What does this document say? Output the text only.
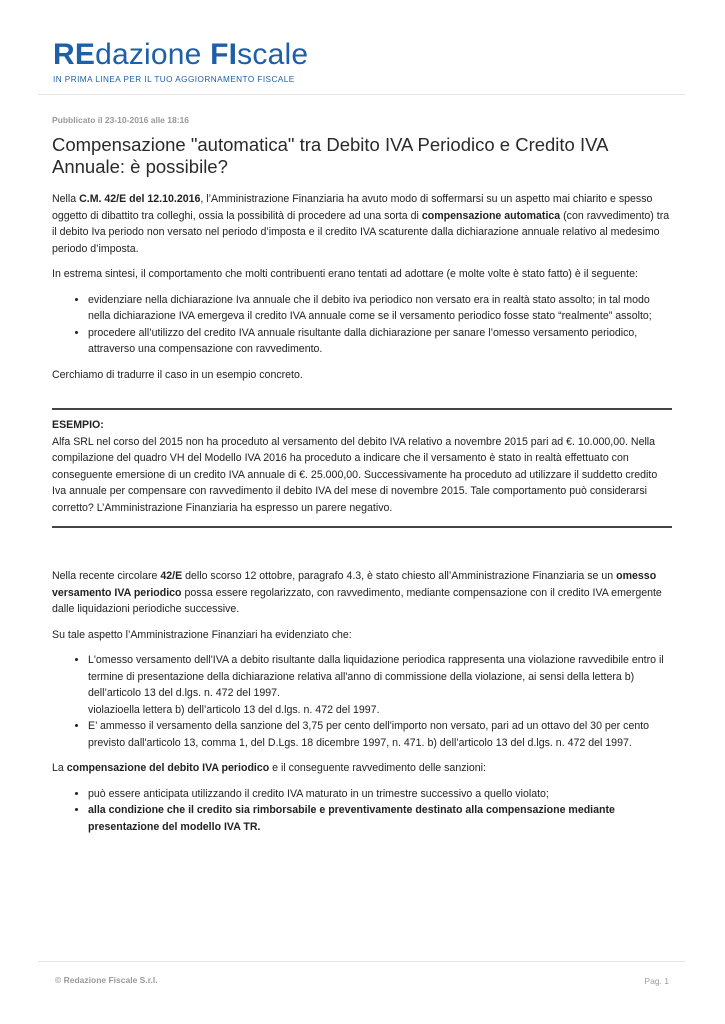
REdazione FIscale
IN PRIMA LINEA PER IL TUO AGGIORNAMENTO FISCALE
Pubblicato il 23-10-2016 alle 18:16
Compensazione "automatica" tra Debito IVA Periodico e Credito IVA Annuale: è possibile?

Nella C.M. 42/E del 12.10.2016, l’Amministrazione Finanziaria ha avuto modo di soffermarsi su un aspetto mai chiarito e spesso oggetto di dibattito tra colleghi, ossia la possibilità di procedere ad una sorta di compensazione automatica (con ravvedimento) tra il debito Iva periodo non versato nel periodo d’imposta e il credito IVA scaturente dalla dichiarazione annuale relativo al medesimo periodo d’imposta.

In estrema sintesi, il comportamento che molti contribuenti erano tentati ad adottare (e molte volte è stato fatto) è il seguente:

• evidenziare nella dichiarazione Iva annuale che il debito iva periodico non versato era in realtà stato assolto; in tal modo nella dichiarazione IVA emergeva il credito IVA annuale come se il versamento periodico fosse stato “realmente” assolto;
• procedere all’utilizzo del credito IVA annuale risultante dalla dichiarazione per sanare l’omesso versamento periodico, attraverso una compensazione con ravvedimento.

Cerchiamo di tradurre il caso in un esempio concreto.

ESEMPIO:

Alfa SRL nel corso del 2015 non ha proceduto al versamento del debito IVA relativo a novembre 2015 pari ad €. 10.000,00. Nella compilazione del quadro VH del Modello IVA 2016 ha proceduto a indicare che il versamento è stato in realtà effettuato con conseguente emersione di un credito IVA annuale di €. 25.000,00. Successivamente ha proceduto ad utilizzare il suddetto credito Iva annuale per compensare con ravvedimento il debito IVA del mese di novembre 2015. Tale comportamento può considerarsi corretto? L’Amministrazione Finanziaria ha espresso un parere negativo.

Nella recente circolare 42/E dello scorso 12 ottobre, paragrafo 4.3, è stato chiesto all’Amministrazione Finanziaria se un omesso versamento IVA periodico possa essere regolarizzato, con ravvedimento, mediante compensazione con il credito IVA emergente dalle liquidazioni periodiche successive.

Su tale aspetto l’Amministrazione Finanziari ha evidenziato che:

• L'omesso versamento dell'IVA a debito risultante dalla liquidazione periodica rappresenta una violazione ravvedibile entro il termine di presentazione della dichiarazione relativa all'anno di commissione della violazione, ai sensi della lettera b) dell’articolo 13 del d.lgs. n. 472 del 1997.
violazioella lettera b) dell’articolo 13 del d.lgs. n. 472 del 1997.
• E’ ammesso il versamento della sanzione del 3,75 per cento dell'importo non versato, pari ad un ottavo del 30 per cento previsto dall'articolo 13, comma 1, del D.Lgs. 18 dicembre 1997, n. 471. b) dell’articolo 13 del d.lgs. n. 472 del 1997.

La compensazione del debito IVA periodico e il conseguente ravvedimento delle sanzioni:

• può essere anticipata utilizzando il credito IVA maturato in un trimestre successivo a quello violato;
• alla condizione che il credito sia rimborsabile e preventivamente destinato alla compensazione mediante presentazione del modello IVA TR.
© Redazione Fiscale S.r.l.	Pag. 1
